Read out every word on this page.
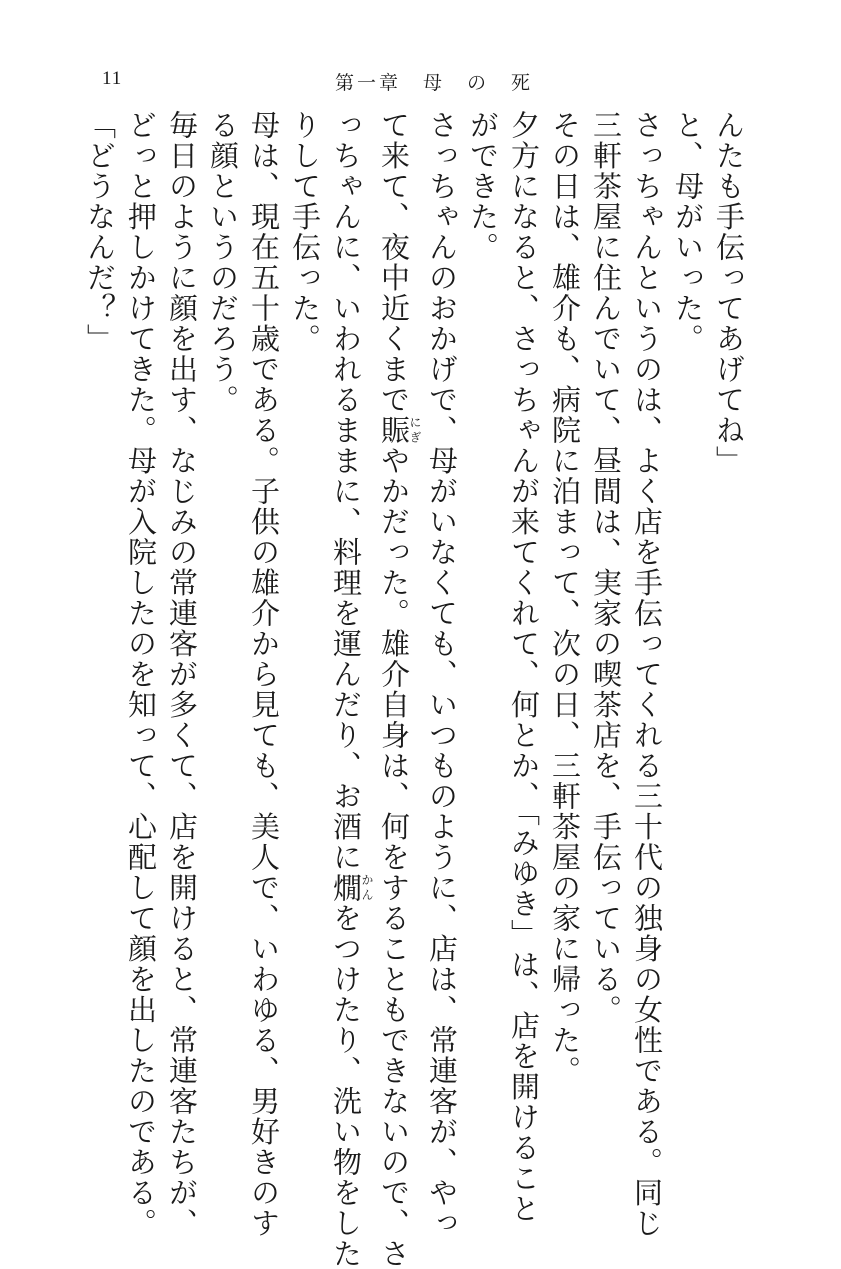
11	第一章　母　の　死
んたも手伝ってあげてね」
と、母がいった。
さっちゃんというのは、よく店を手伝ってくれる三十代の独身の女性である。同じ
三軒茶屋に住んでいて、昼間は、実家の喫茶店を、手伝っている。
その日は、雄介も、病院に泊まって、次の日、三軒茶屋の家に帰った。
夕方になると、さっちゃんが来てくれて、何とか、「みゆき」は、店を開けること
ができた。
さっちゃんのおかげで、母がいなくても、いつものように、店は、常連客が、やっ
て来て、夜中近くまで賑にぎやかだった。雄介自身は、何をすることもできないので、さ
っちゃんに、いわれるままに、料理を運んだり、お酒に燗かんをつけたり、洗い物をした
りして手伝った。
母は、現在五十歳である。子供の雄介から見ても、美人で、いわゆる、男好きのす
る顔というのだろう。
毎日のように顔を出す、なじみの常連客が多くて、店を開けると、常連客たちが、
どっと押しかけてきた。母が入院したのを知って、心配して顔を出したのである。
「どうなんだ？」
